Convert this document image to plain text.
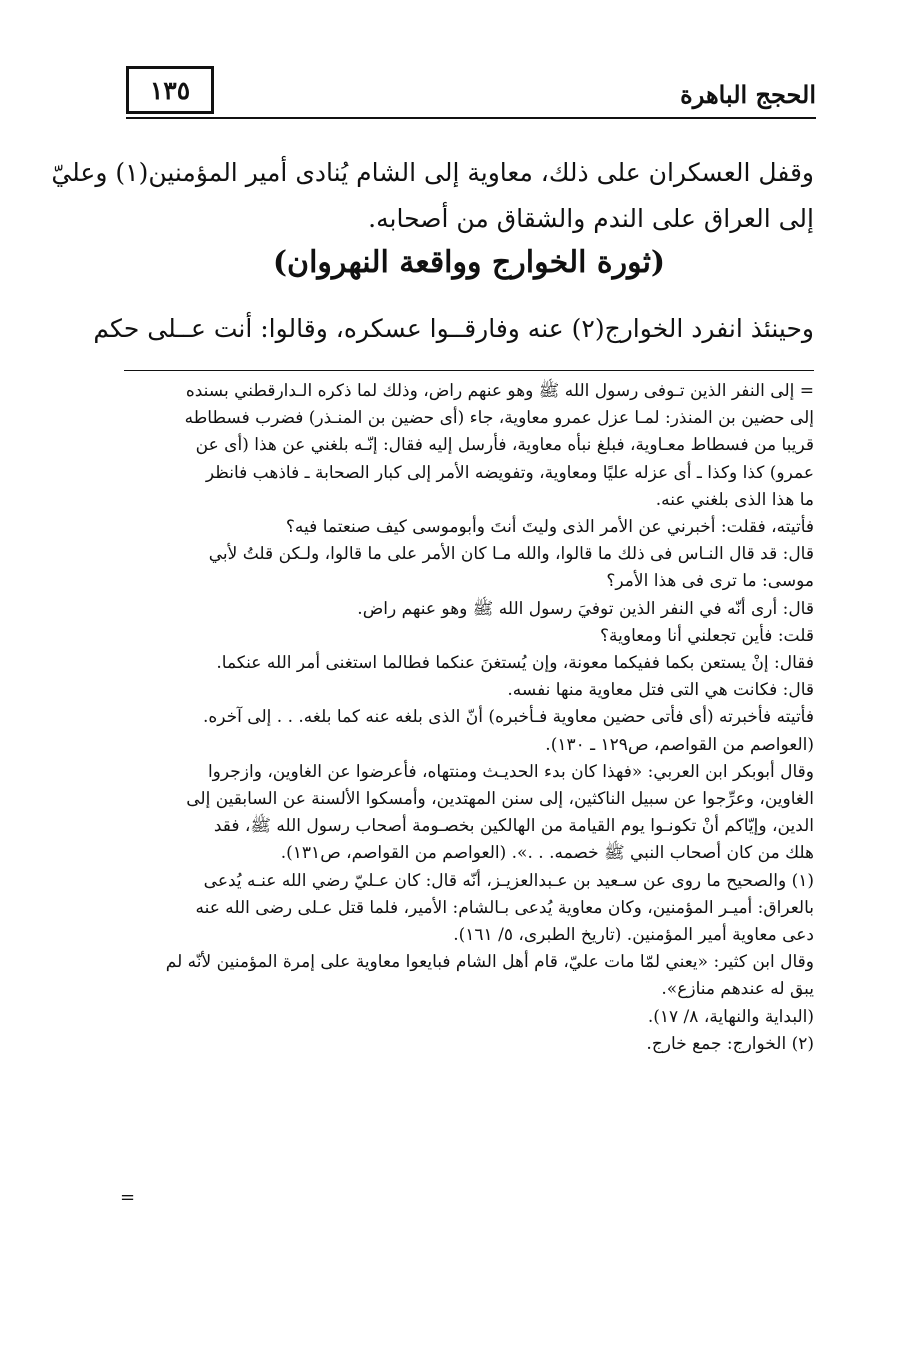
١٣٥	الحجج الباهرة
وقفل العسكران على ذلك، معاوية إلى الشام يُنادى أمير المؤمنين(١) وعليّ
إلى العراق على الندم والشقاق من أصحابه.
(ثورة الخوارج وواقعة النهروان)
وحينئذ انفرد الخوارج(٢) عنه وفارقــوا عسكره، وقالوا: أنت عــلى حكم
= إلى النفر الذين تـوفى رسول الله ﷺ وهو عنهم راض، وذلك لما ذكره الـدارقطني بسنده
إلى حضين بن المنذر: لمـا عزل عمرو معاوية، جاء (أى حضين بن المنـذر) فضرب فسطاطه
قريبا من فسطاط معـاوية، فبلغ نبأه معاوية، فأرسل إليه فقال: إنّـه بلغني عن هذا (أى عن
عمرو) كذا وكذا ـ أى عزله عليًا ومعاوية، وتفويضه الأمر إلى كبار الصحابة ـ فاذهب فانظر
ما هذا الذى بلغني عنه.
فأتيته، فقلت: أخبرني عن الأمر الذى وليتَ أنتَ وأبوموسى كيف صنعتما فيه؟
قال: قد قال النـاس فى ذلك ما قالوا، والله مـا كان الأمر على ما قالوا، ولـكن قلتُ لأبي
موسى: ما ترى فى هذا الأمر؟
قال: أرى أنّه في النفر الذين توفيَ رسول الله ﷺ وهو عنهم راض.
قلت: فأين تجعلني أنا ومعاوية؟
فقال: إنْ يستعن بكما ففيكما معونة، وإن يُستغنَ عنكما فطالما استغنى أمر الله عنكما.
قال: فكانت هي التى فتل معاوية منها نفسه.
فأتيته فأخبرته (أى فأتى حضين معاوية فـأخبره) أنّ الذى بلغه عنه كما بلغه. . . إلى آخره.
(العواصم من القواصم، ص١٢٩ ـ ١٣٠).
وقال أبوبكر ابن العربي: «فهذا كان بدء الحديـث ومنتهاه، فأعرضوا عن الغاوين، وازجروا
الغاوين، وعرِّجوا عن سبيل الناكثين، إلى سنن المهتدين، وأمسكوا الألسنة عن السابقين إلى
الدين، وإيّاكم أنْ تكونـوا يوم القيامة من الهالكين بخصـومة أصحاب رسول الله ﷺ، فقد
هلك من كان أصحاب النبي ﷺ خصمه. . .». (العواصم من القواصم، ص١٣١).
(١) والصحيح ما روى عن سـعيد بن عـبدالعزيـز، أنّه قال: كان عـليّ رضي الله عنـه يُدعى
بالعراق: أميـر المؤمنين، وكان معاوية يُدعى بـالشام: الأمير، فلما قتل عـلى رضى الله عنه
دعى معاوية أمير المؤمنين. (تاريخ الطبرى، ٥/ ١٦١).
وقال ابن كثير: «يعني لمّا مات عليّ، قام أهل الشام فبايعوا معاوية على إمرة المؤمنين لأنّه لم
يبق له عندهم منازع».
(البداية والنهاية، ٨/ ١٧).
(٢) الخوارج: جمع خارج.
=
